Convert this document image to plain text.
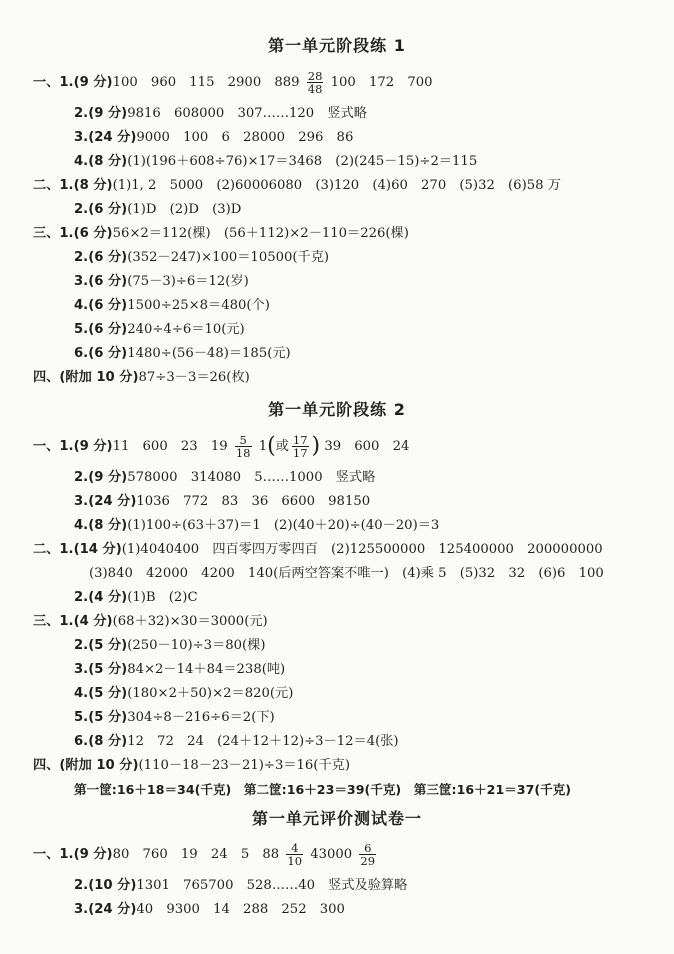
第一单元阶段练 1
一、1.(9 分)100　960　115　2900　$889 \frac{28}{48} 100$　172　700
2.(9 分)9816　608000　307……120　竖式略
3.(24 分)9000　100　6　28000　296　86
4.(8 分)(1)(196＋608÷76)×17＝3468　(2)(245－15)÷2＝115
二、1.(8 分)(1)1, 2　5000　(2)60006080　(3)120　(4)60　270　(5)32　(6)58 万
2.(6 分)(1)D　(2)D　(3)D
三、1.(6 分)56×2＝112(棵)　(56＋112)×2－110＝226(棵)
2.(6 分)(352－247)×100＝10500(千克)
3.(6 分)(75－3)÷6＝12(岁)
4.(6 分)1500÷25×8＝480(个)
5.(6 分)240÷4÷6＝10(元)
6.(6 分)1480÷(56－48)＝185(元)
四、(附加 10 分)87÷3－3＝26(枚)
第一单元阶段练 2
一、1.(9 分)11　600　23　$19 \frac{5}{18} 1$(或 $\frac{17}{17}$ ) 39　600　24
2.(9 分)578000　314080　5……1000　竖式略
3.(24 分)1036　772　83　36　6600　98150
4.(8 分)(1)100÷(63＋37)＝1　(2)(40＋20)÷(40－20)＝3
二、1.(14 分)(1)4040400　四百零四万零四百　(2)125500000　125400000　200000000
(3)840　42000　4200　140(后两空答案不唯一)　(4)乘 5　(5)32　32　(6)6　100
2.(4 分)(1)B　(2)C
三、1.(4 分)(68＋32)×30＝3000(元)
2.(5 分)(250－10)÷3＝80(棵)
3.(5 分)84×2－14＋84＝238(吨)
4.(5 分)(180×2＋50)×2＝820(元)
5.(5 分)304÷8－216÷6＝2(下)
6.(8 分)12　72　24　(24＋12＋12)÷3－12＝4(张)
四、(附加 10 分)(110－18－23－21)÷3＝16(千克)
第一筐:16＋18＝34(千克)　第二筐:16＋23＝39(千克)　第三筐:16＋21＝37(千克)
第一单元评价测试卷一
一、1.(9 分)80　760　19　24　5　$88 \frac{4}{10} 43000 \frac{6}{29}$
2.(10 分)1301　765700　528……40　竖式及验算略
3.(24 分)40　9300　14　288　252　300
